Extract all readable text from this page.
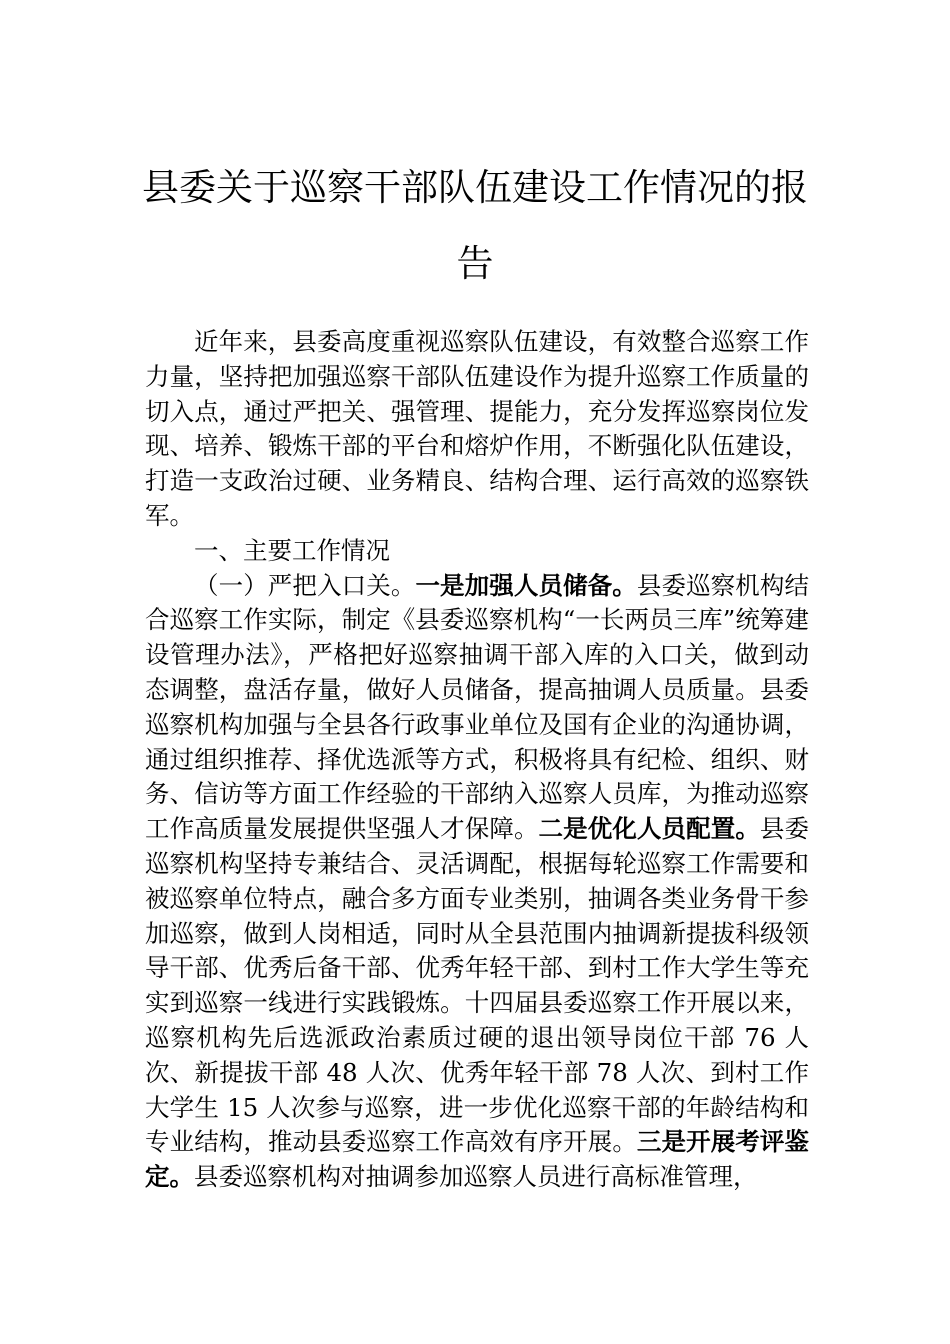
县委关于巡察干部队伍建设工作情况的报告

近年来，县委高度重视巡察队伍建设，有效整合巡察工作力量，坚持把加强巡察干部队伍建设作为提升巡察工作质量的切入点，通过严把关、强管理、提能力，充分发挥巡察岗位发现、培养、锻炼干部的平台和熔炉作用，不断强化队伍建设，打造一支政治过硬、业务精良、结构合理、运行高效的巡察铁军。

一、主要工作情况

（一）严把入口关。一是加强人员储备。县委巡察机构结合巡察工作实际，制定《县委巡察机构“一长两员三库”统筹建设管理办法》，严格把好巡察抽调干部入库的入口关，做到动态调整，盘活存量，做好人员储备，提高抽调人员质量。县委巡察机构加强与全县各行政事业单位及国有企业的沟通协调，通过组织推荐、择优选派等方式，积极将具有纪检、组织、财务、信访等方面工作经验的干部纳入巡察人员库，为推动巡察工作高质量发展提供坚强人才保障。二是优化人员配置。县委巡察机构坚持专兼结合、灵活调配，根据每轮巡察工作需要和被巡察单位特点，融合多方面专业类别，抽调各类业务骨干参加巡察，做到人岗相适，同时从全县范围内抽调新提拔科级领导干部、优秀后备干部、优秀年轻干部、到村工作大学生等充实到巡察一线进行实践锻炼。十四届县委巡察工作开展以来，巡察机构先后选派政治素质过硬的退出领导岗位干部 76 人次、新提拔干部 48 人次、优秀年轻干部 78 人次、到村工作大学生 15 人次参与巡察，进一步优化巡察干部的年龄结构和专业结构，推动县委巡察工作高效有序开展。三是开展考评鉴定。县委巡察机构对抽调参加巡察人员进行高标准管理，
